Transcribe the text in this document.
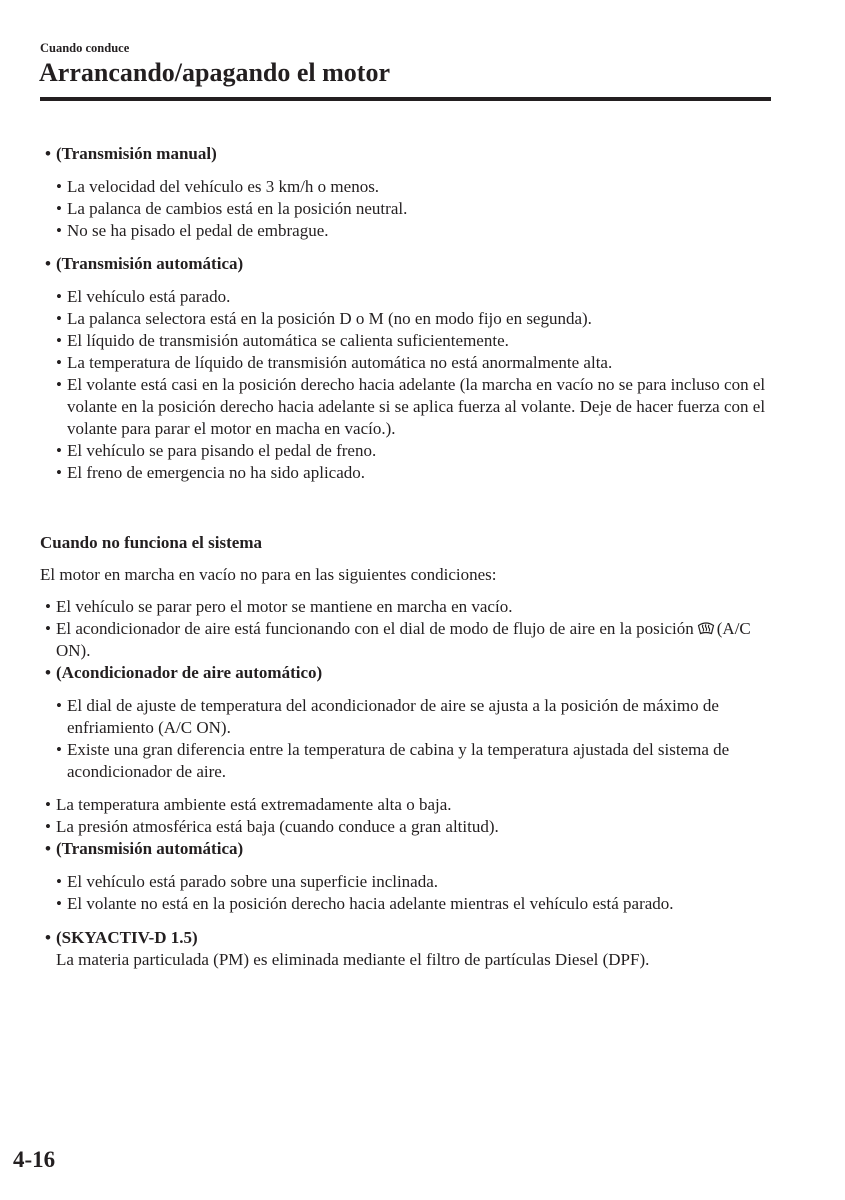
Cuando conduce
Arrancando/apagando el motor
• (Transmisión manual)
• La velocidad del vehículo es 3 km/h o menos.
• La palanca de cambios está en la posición neutral.
• No se ha pisado el pedal de embrague.
• (Transmisión automática)
• El vehículo está parado.
• La palanca selectora está en la posición D o M (no en modo fijo en segunda).
• El líquido de transmisión automática se calienta suficientemente.
• La temperatura de líquido de transmisión automática no está anormalmente alta.
• El volante está casi en la posición derecho hacia adelante (la marcha en vacío no se para incluso con el volante en la posición derecho hacia adelante si se aplica fuerza al volante. Deje de hacer fuerza con el volante para parar el motor en macha en vacío.).
• El vehículo se para pisando el pedal de freno.
• El freno de emergencia no ha sido aplicado.
Cuando no funciona el sistema
El motor en marcha en vacío no para en las siguientes condiciones:
• El vehículo se parar pero el motor se mantiene en marcha en vacío.
• El acondicionador de aire está funcionando con el dial de modo de flujo de aire en la posición (A/C ON).
• (Acondicionador de aire automático)
• El dial de ajuste de temperatura del acondicionador de aire se ajusta a la posición de máximo de enfriamiento (A/C ON).
• Existe una gran diferencia entre la temperatura de cabina y la temperatura ajustada del sistema de acondicionador de aire.
• La temperatura ambiente está extremadamente alta o baja.
• La presión atmosférica está baja (cuando conduce a gran altitud).
• (Transmisión automática)
• El vehículo está parado sobre una superficie inclinada.
• El volante no está en la posición derecho hacia adelante mientras el vehículo está parado.
• (SKYACTIV-D 1.5)
La materia particulada (PM) es eliminada mediante el filtro de partículas Diesel (DPF).
4-16
